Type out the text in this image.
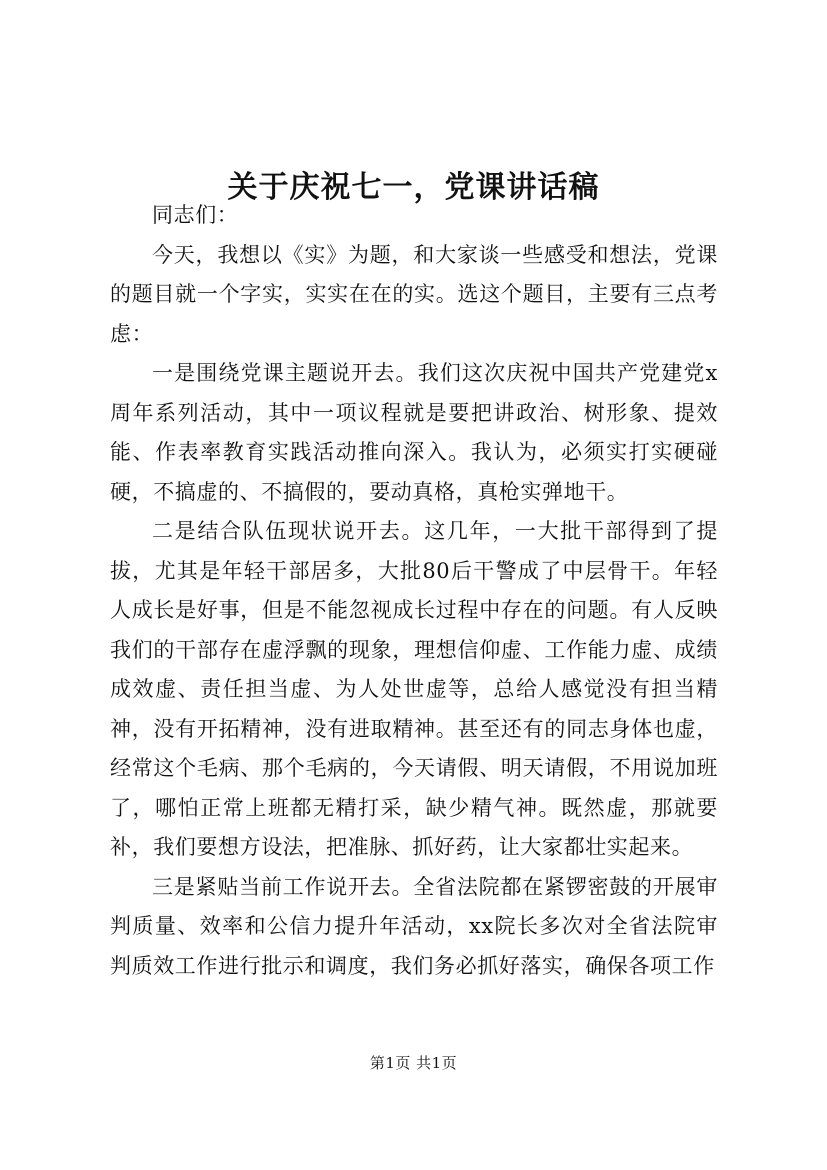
关于庆祝七一，党课讲话稿

同志们：

今天，我想以《实》为题，和大家谈一些感受和想法，党课的题目就一个字实，实实在在的实。选这个题目，主要有三点考虑：

一是围绕党课主题说开去。我们这次庆祝中国共产党建党x周年系列活动，其中一项议程就是要把讲政治、树形象、提效能、作表率教育实践活动推向深入。我认为，必须实打实硬碰硬，不搞虚的、不搞假的，要动真格，真枪实弹地干。

二是结合队伍现状说开去。这几年，一大批干部得到了提拔，尤其是年轻干部居多，大批80后干警成了中层骨干。年轻人成长是好事，但是不能忽视成长过程中存在的问题。有人反映我们的干部存在虚浮飘的现象，理想信仰虚、工作能力虚、成绩成效虚、责任担当虚、为人处世虚等，总给人感觉没有担当精神，没有开拓精神，没有进取精神。甚至还有的同志身体也虚，经常这个毛病、那个毛病的，今天请假、明天请假，不用说加班了，哪怕正常上班都无精打采，缺少精气神。既然虚，那就要补，我们要想方设法，把准脉、抓好药，让大家都壮实起来。

三是紧贴当前工作说开去。全省法院都在紧锣密鼓的开展审判质量、效率和公信力提升年活动，xx院长多次对全省法院审判质效工作进行批示和调度，我们务必抓好落实，确保各项工作

第1页 共1页
